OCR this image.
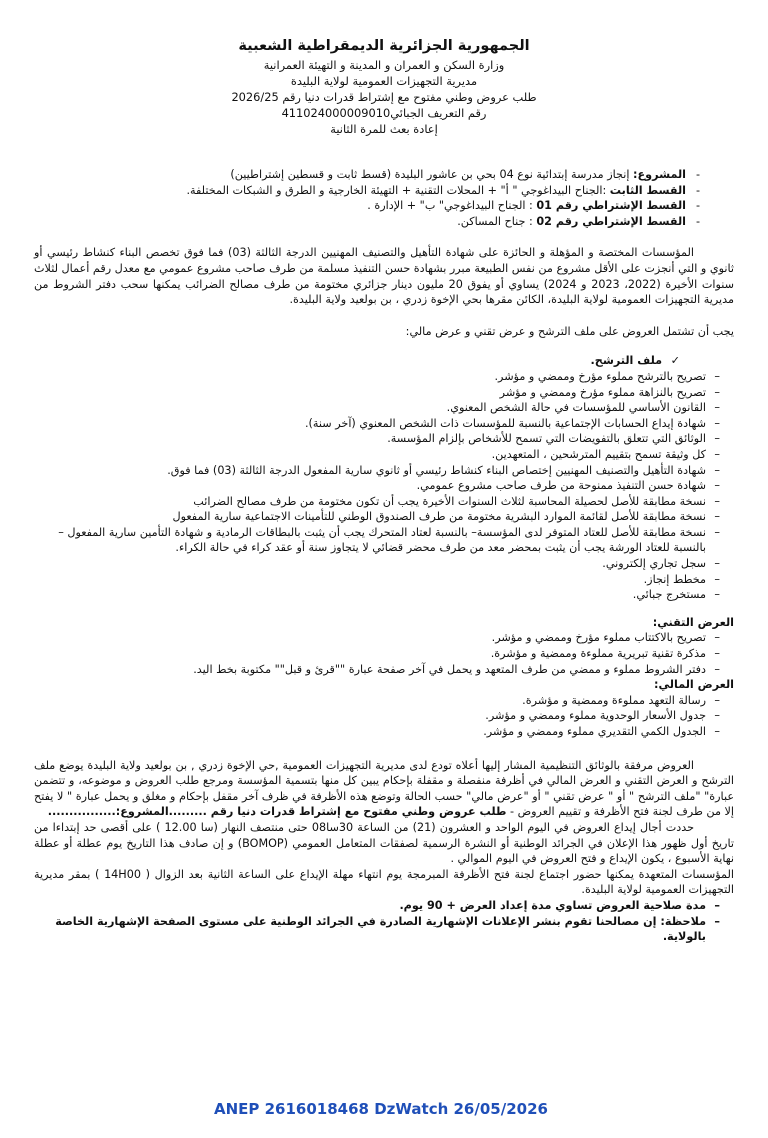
الجمهورية الجزائرية الديمقراطية الشعبية
وزارة السكن و العمران و المدينة و التهيئة العمرانية
مديرية التجهيزات العمومية لولاية البليدة
طلب عروض وطني مفتوح مع إشتراط قدرات دنيا رقم 2026/25
رقم التعريف الجبائي411024000009010
إعادة بعث للمرة الثانية
- المشروع: إنجاز مدرسة إبتدائية نوع 04 بحي بن عاشور البليدة (قسط ثابت و قسطين إشتراطيين)
- القسط الثابت :الجناح البيداغوجي " أ" + المحلات التقنية + التهيئة الخارجية و الطرق و الشبكات المختلفة.
- القسط الإشتراطي رقم 01 : الجناح البيداغوجي" ب" + الإدارة .
- القسط الإشتراطي رقم 02 : جناح المساكن.

المؤسسات المختصة و المؤهلة و الحائزة على شهادة التأهيل والتصنيف المهنيين الدرجة الثالثة (03) فما فوق تخصص البناء كنشاط رئيسي أو ثانوي و التي أنجزت على الأقل مشروع من نفس الطبيعة مبرر بشهادة حسن التنفيذ مسلمة من طرف صاحب مشروع عمومي مع معدل رقم أعمال لثلاث سنوات الأخيرة (2022، 2023 و 2024) يساوي أو يفوق 20 مليون دينار جزائري مختومة من طرف مصالح الضرائب يمكنها سحب دفتر الشروط من مديرية التجهيزات العمومية لولاية البليدة، الكائن مقرها بحي الإخوة زدري ، بن بولعيد ولاية البليدة.

يجب أن تشتمل العروض على ملف الترشح و عرض تقني و عرض مالي:

✓ ملف الترشح.
– تصريح بالترشح مملوء مؤرخ وممضي و مؤشر.
– تصريح بالنزاهة مملوء مؤرخ وممضي و مؤشر
– القانون الأساسي للمؤسسات في حالة الشخص المعنوي.
– شهادة إيداع الحسابات الإجتماعية بالنسبة للمؤسسات ذات الشخص المعنوي (آخر سنة).
– الوثائق التي تتعلق بالتفويضات التي تسمح للأشخاص بإلزام المؤسسة.
– كل وثيقة تسمح بتقييم المترشحين ، المتعهدين.
– شهادة التأهيل والتصنيف المهنيين إختصاص البناء كنشاط رئيسي أو ثانوي سارية المفعول الدرجة الثالثة (03) فما فوق.
– شهادة حسن التنفيذ ممنوحة من طرف صاحب مشروع عمومي.
– نسخة مطابقة للأصل لحصيلة المحاسبة لثلاث السنوات الأخيرة يجب أن تكون مختومة من طرف مصالح الضرائب
– نسخة مطابقة للأصل لقائمة الموارد البشرية مختومة من طرف الصندوق الوطني للتأمينات الاجتماعية سارية المفعول
– نسخة مطابقة للأصل للعتاد المتوفر لدى المؤسسة– بالنسبة لعتاد المتحرك يجب أن يثبت بالبطاقات الرمادية و شهادة التأمين سارية المفعول – بالنسبة للعتاد الورشة يجب أن يثبت بمحضر معد من طرف محضر قضائي لا يتجاوز سنة أو عقد كراء في حالة الكراء.
– سجل تجاري إلكتروني.
– مخطط إنجاز.
– مستخرج جبائي.
العرض التقني:
– تصريح بالاكتتاب مملوء مؤرخ وممضي و مؤشر.
– مذكرة تقنية تبريرية مملوءة وممضية و مؤشرة.
– دفتر الشروط مملوء و ممضي من طرف المتعهد و يحمل في آخر صفحة عبارة ""قرئ و قبل"" مكتوبة بخط اليد.
العرض المالي:
– رسالة التعهد مملوءة وممضية و مؤشرة.
– جدول الأسعار الوحدوية مملوء وممضي و مؤشر.
– الجدول الكمي التقديري مملوء وممضي و مؤشر.

العروض مرفقة بالوثائق التنظيمية المشار إليها أعلاه تودع لدى مديرية التجهيزات العمومية ,حي الإخوة زدري , بن بولعيد ولاية البليدة يوضع ملف الترشح و العرض التقني و العرض المالي في أظرفة منفصلة و مقفلة بإحكام يبين كل منها بتسمية المؤسسة ومرجع طلب العروض و موضوعه، و تتضمن عبارة" "ملف الترشح " أو " عرض تقني " أو "عرض مالي" حسب الحالة وتوضع هذه الأظرفة في ظرف آخر مقفل بإحكام و مغلق و يحمل عبارة " لا يفتح إلا من طرف لجنة فتح الأظرفة و تقييم العروض - طلب عروض وطني مفتوح مع إشتراط قدرات دنيا رقم .........المشروع:................

حددت أجال إيداع العروض في اليوم الواحد و العشرون (21) من الساعة 30سا08 حتى منتصف النهار (سا 12.00 ) على أقصى حد إبتداءا من تاريخ أول ظهور هذا الإعلان في الجرائد الوطنية أو النشرة الرسمية لصفقات المتعامل العمومي (BOMOP) و إن صادف هذا التاريخ يوم عطلة أو عطلة نهاية الأسبوع ، يكون الإيداع و فتح العروض في اليوم الموالي .

المؤسسات المتعهدة يمكنها حضور اجتماع لجنة فتح الأظرفة المبرمجة يوم انتهاء مهلة الإيداع على الساعة الثانية بعد الزوال ( 14H00 ) بمقر مديرية التجهيزات العمومية لولاية البليدة.

– مدة صلاحية العروض تساوي مدة إعداد العرض + 90 يوم.
– ملاحظة: إن مصالحنا تقوم بنشر الإعلانات الإشهارية الصادرة في الجرائد الوطنية على مستوى الصفحة الإشهارية الخاصة بالولاية.
ANEP 2616018468 DzWatch 26/05/2026
